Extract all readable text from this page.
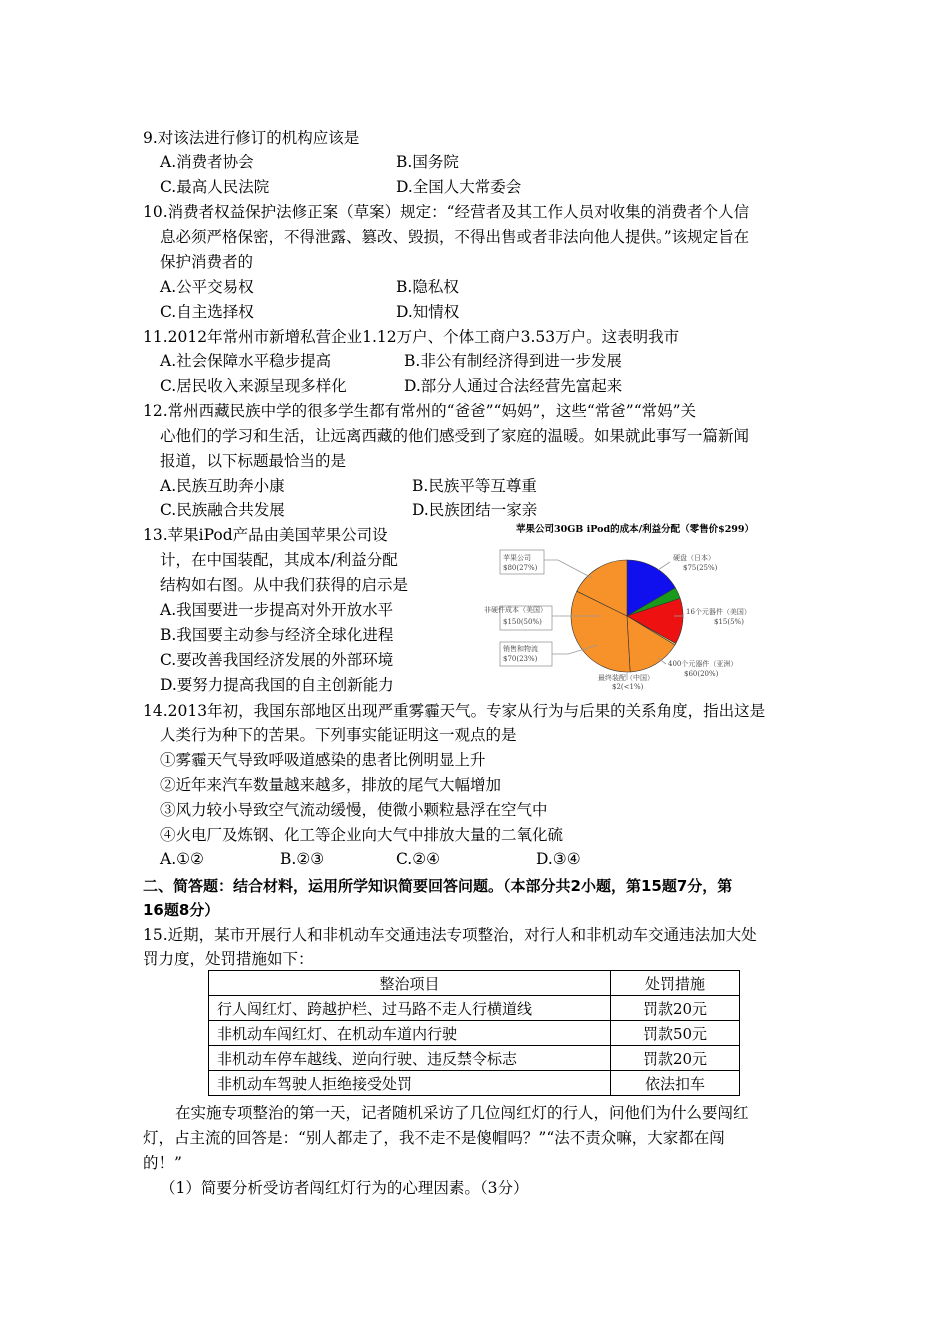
9.对该法进行修订的机构应该是
A.消费者协会	B.国务院
C.最高人民法院	D.全国人大常委会
10.消费者权益保护法修正案（草案）规定：“经营者及其工作人员对收集的消费者个人信
息必须严格保密，不得泄露、篡改、毁损，不得出售或者非法向他人提供。”该规定旨在
保护消费者的
A.公平交易权	B.隐私权
C.自主选择权	D.知情权
11.2012年常州市新增私营企业1.12万户、个体工商户3.53万户。这表明我市
A.社会保障水平稳步提高	B.非公有制经济得到进一步发展
C.居民收入来源呈现多样化	D.部分人通过合法经营先富起来
12.常州西藏民族中学的很多学生都有常州的“爸爸”“妈妈”，这些“常爸”“常妈”关
心他们的学习和生活，让远离西藏的他们感受到了家庭的温暖。如果就此事写一篇新闻
报道，以下标题最恰当的是
A.民族互助奔小康	B.民族平等互尊重
C.民族融合共发展	D.民族团结一家亲
13.苹果iPod产品由美国苹果公司设
计，在中国装配，其成本/利益分配
结构如右图。从中我们获得的启示是
A.我国要进一步提高对外开放水平
B.我国要主动参与经济全球化进程
C.要改善我国经济发展的外部环境
D.要努力提高我国的自主创新能力
苹果公司30GB iPod的成本/利益分配（零售价$299）
苹果公司
$80(27%)
非硬件成本（美国）
$150(50%)
销售和物流
$70(23%)
最终装配（中国）
$2(<1%)
硬盘（日本）
$75(25%)
16个元器件（美国）
$15(5%)
400个元器件（亚洲）
$60(20%)
14.2013年初，我国东部地区出现严重雾霾天气。专家从行为与后果的关系角度，指出这是
人类行为种下的苦果。下列事实能证明这一观点的是
①雾霾天气导致呼吸道感染的患者比例明显上升
②近年来汽车数量越来越多，排放的尾气大幅增加
③风力较小导致空气流动缓慢，使微小颗粒悬浮在空气中
④火电厂及炼钢、化工等企业向大气中排放大量的二氧化硫
A.①②	B.②③	C.②④	D.③④
二、简答题：结合材料，运用所学知识简要回答问题。（本部分共2小题，第15题7分，第
16题8分）
15.近期，某市开展行人和非机动车交通违法专项整治，对行人和非机动车交通违法加大处
罚力度，处罚措施如下：
整治项目	处罚措施
行人闯红灯、跨越护栏、过马路不走人行横道线	罚款20元
非机动车闯红灯、在机动车道内行驶	罚款50元
非机动车停车越线、逆向行驶、违反禁令标志	罚款20元
非机动车驾驶人拒绝接受处罚	依法扣车
在实施专项整治的第一天，记者随机采访了几位闯红灯的行人，问他们为什么要闯红
灯，占主流的回答是：“别人都走了，我不走不是傻帽吗？”“法不责众嘛，大家都在闯
的！”
（1）简要分析受访者闯红灯行为的心理因素。（3分）
